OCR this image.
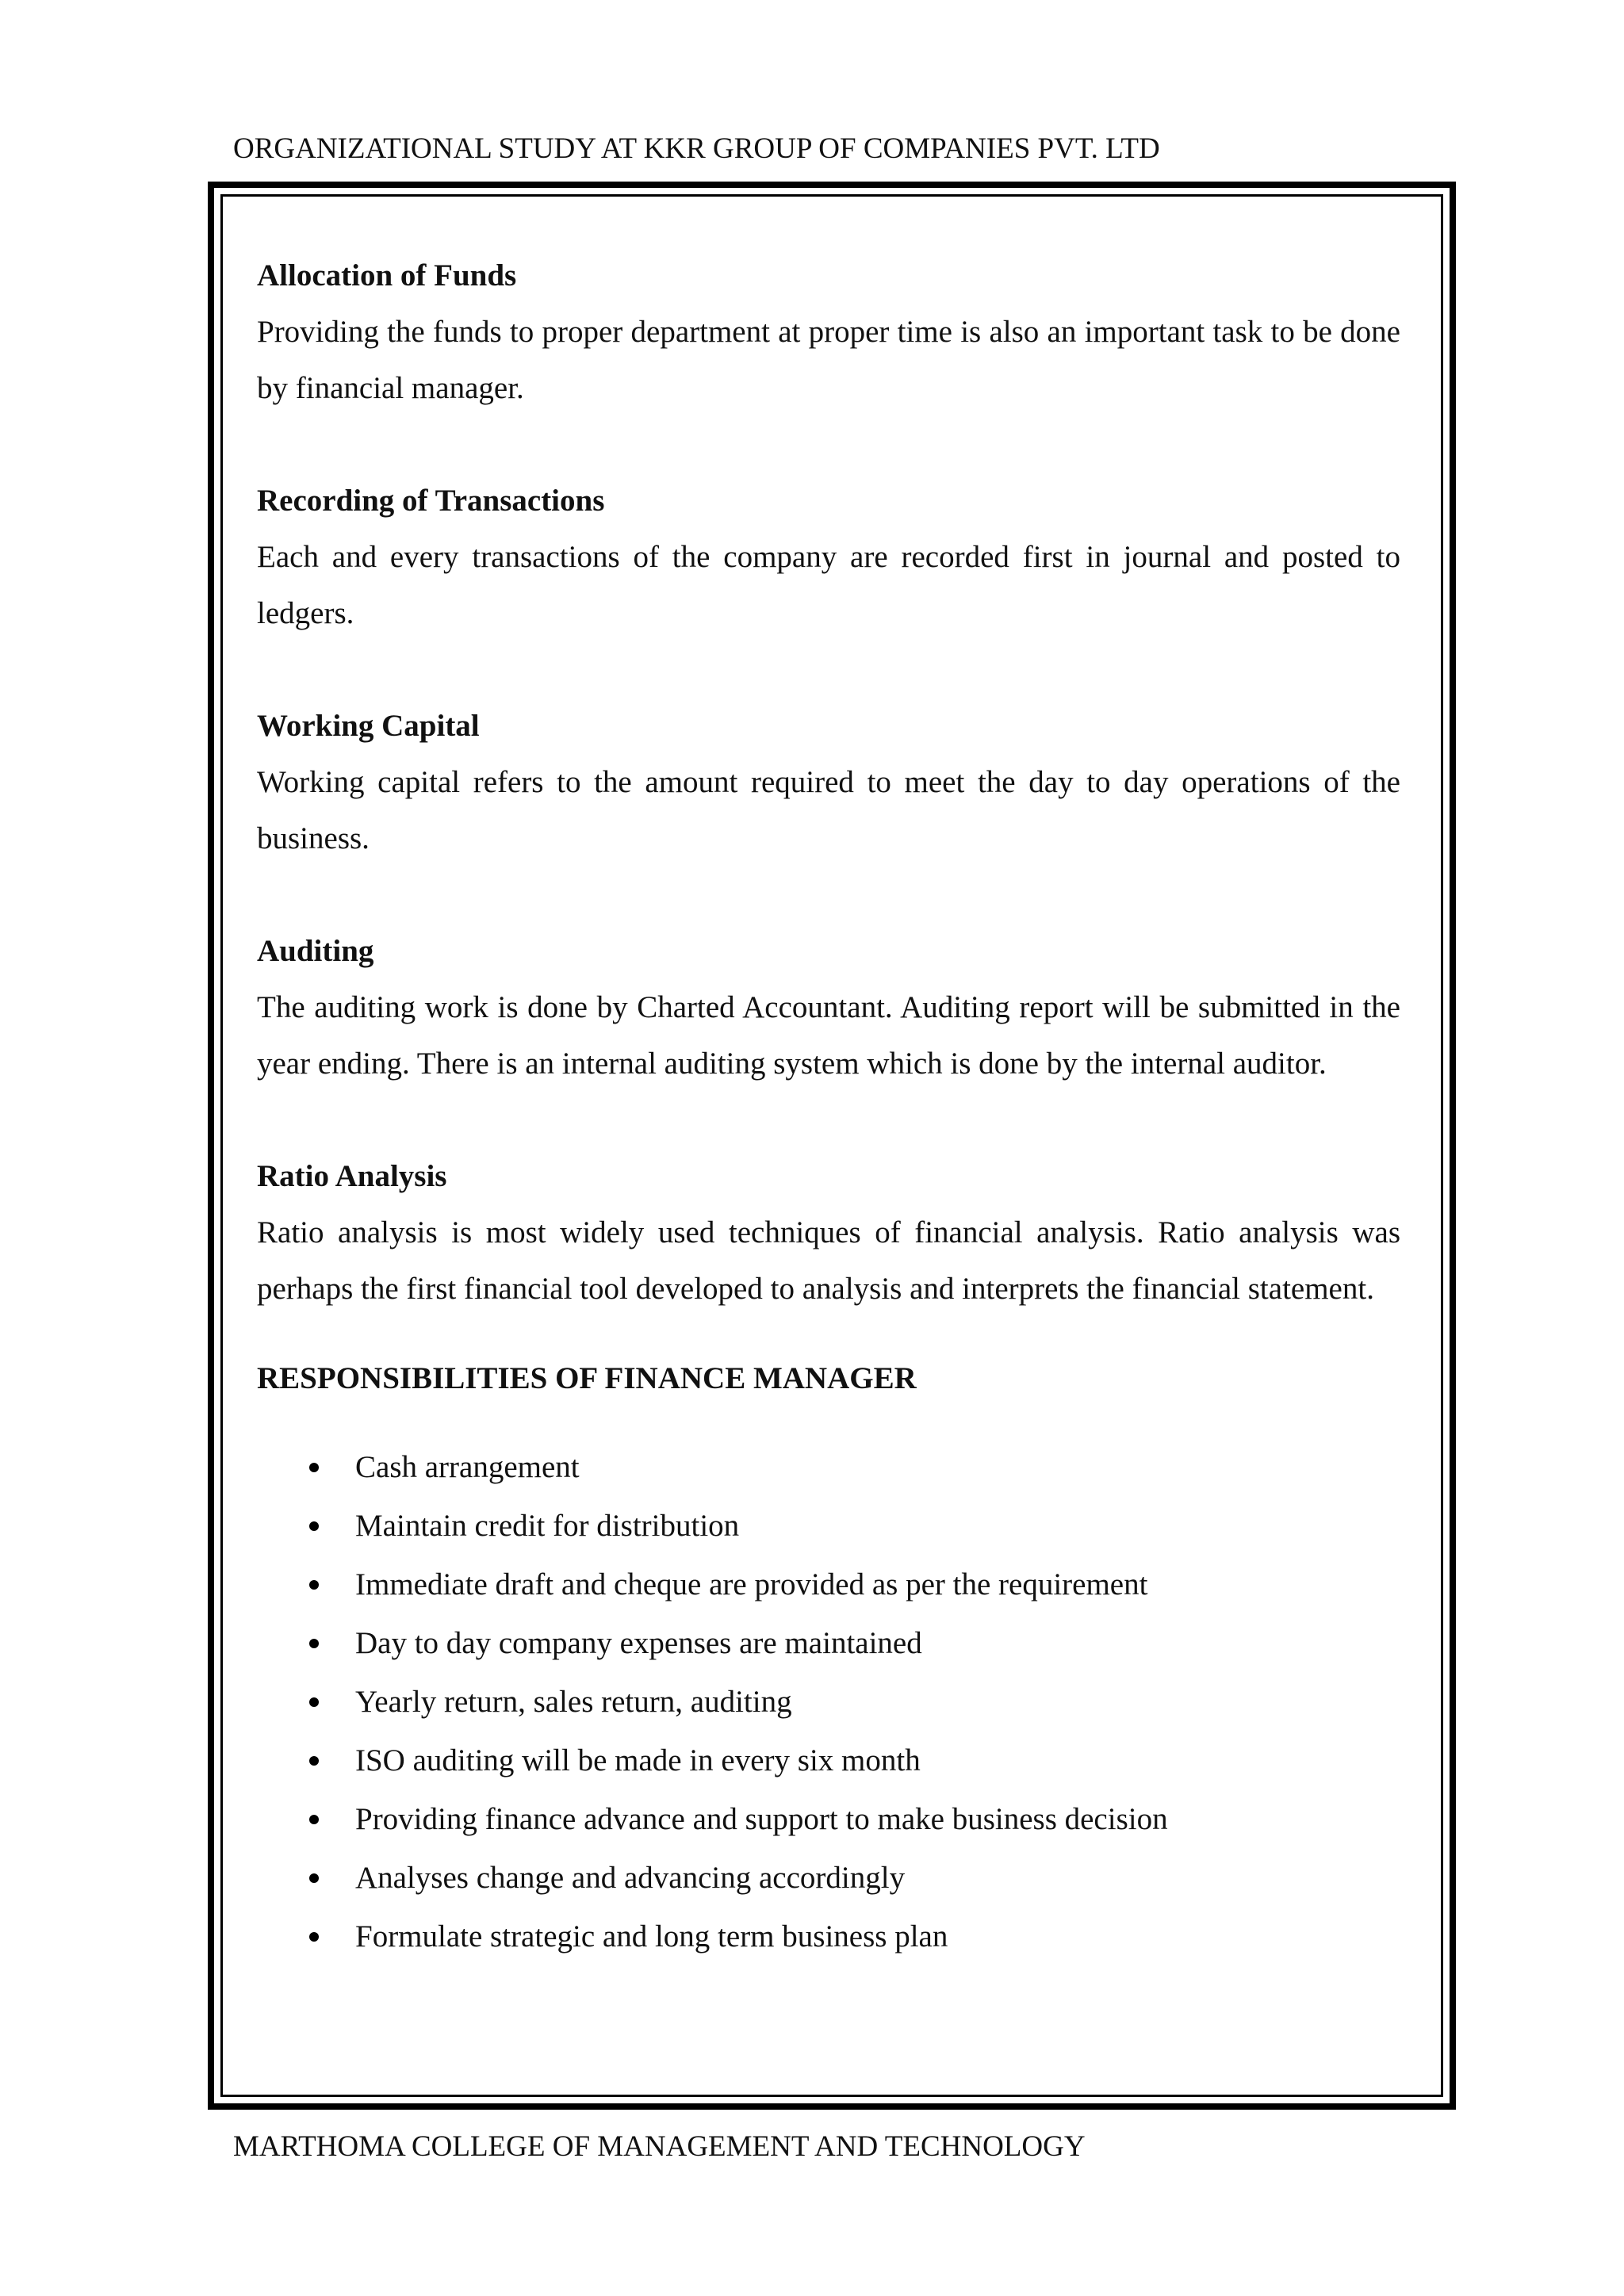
ORGANIZATIONAL STUDY AT KKR GROUP OF COMPANIES PVT. LTD

Allocation of Funds

Providing the funds to proper department at proper time is also an important task to be done by financial manager.

Recording of Transactions

Each and every transactions of the company are recorded first in journal and posted to ledgers.

Working Capital

Working capital refers to the amount required to meet the day to day operations of the business.

Auditing

The auditing work is done by Charted Accountant. Auditing report will be submitted in the year ending. There is an internal auditing system which is done by the internal auditor.

Ratio Analysis

Ratio analysis is most widely used techniques of financial analysis. Ratio analysis was perhaps the first financial tool developed to analysis and interprets the financial statement.

RESPONSIBILITIES OF FINANCE MANAGER

Cash arrangement
Maintain credit for distribution
Immediate draft and cheque are provided as per the requirement
Day to day company expenses are maintained
Yearly return, sales return, auditing
ISO auditing will be made in every six month
Providing finance advance and support to make business decision
Analyses change and advancing accordingly
Formulate strategic and long term business plan
MARTHOMA COLLEGE OF MANAGEMENT AND TECHNOLOGY
